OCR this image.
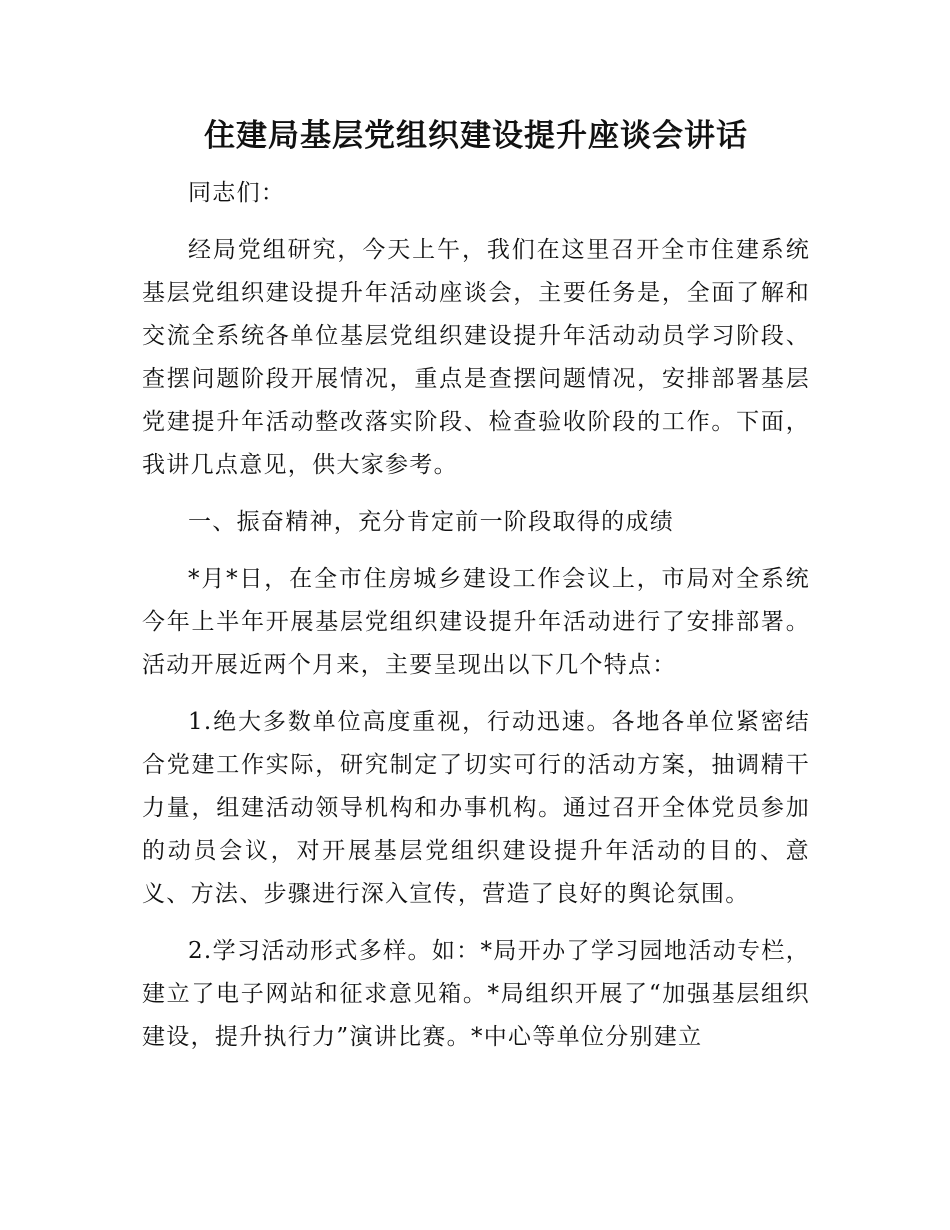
住建局基层党组织建设提升座谈会讲话

同志们：

经局党组研究，今天上午，我们在这里召开全市住建系统基层党组织建设提升年活动座谈会，主要任务是，全面了解和交流全系统各单位基层党组织建设提升年活动动员学习阶段、查摆问题阶段开展情况，重点是查摆问题情况，安排部署基层党建提升年活动整改落实阶段、检查验收阶段的工作。下面，我讲几点意见，供大家参考。

一、振奋精神，充分肯定前一阶段取得的成绩

*月*日，在全市住房城乡建设工作会议上，市局对全系统今年上半年开展基层党组织建设提升年活动进行了安排部署。活动开展近两个月来，主要呈现出以下几个特点：

1.绝大多数单位高度重视，行动迅速。各地各单位紧密结合党建工作实际，研究制定了切实可行的活动方案，抽调精干力量，组建活动领导机构和办事机构。通过召开全体党员参加的动员会议，对开展基层党组织建设提升年活动的目的、意义、方法、步骤进行深入宣传，营造了良好的舆论氛围。

2.学习活动形式多样。如：*局开办了学习园地活动专栏，建立了电子网站和征求意见箱。*局组织开展了“加强基层组织建设，提升执行力”演讲比赛。*中心等单位分别建立
